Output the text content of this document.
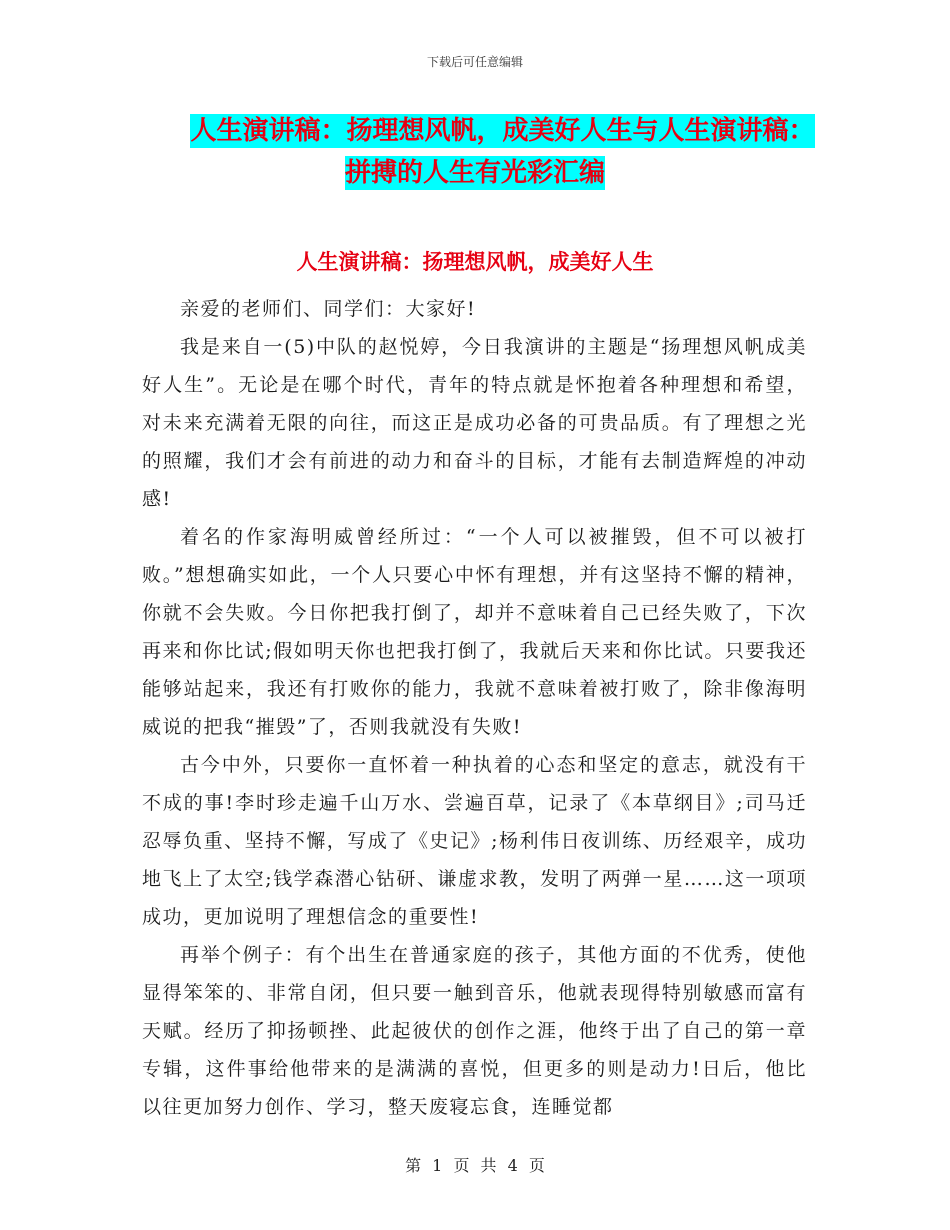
下载后可任意编辑
人生演讲稿：扬理想风帆，成美好人生与人生演讲稿：
拼搏的人生有光彩汇编
人生演讲稿：扬理想风帆，成美好人生

亲爱的老师们、同学们：大家好!

我是来自一(5)中队的赵悦婷，今日我演讲的主题是“扬理想风帆成美好人生”。无论是在哪个时代，青年的特点就是怀抱着各种理想和希望，对未来充满着无限的向往，而这正是成功必备的可贵品质。有了理想之光的照耀，我们才会有前进的动力和奋斗的目标，才能有去制造辉煌的冲动感!

着名的作家海明威曾经所过：“一个人可以被摧毁，但不可以被打败。”想想确实如此，一个人只要心中怀有理想，并有这坚持不懈的精神，你就不会失败。今日你把我打倒了，却并不意味着自己已经失败了，下次再来和你比试;假如明天你也把我打倒了，我就后天来和你比试。只要我还能够站起来，我还有打败你的能力，我就不意味着被打败了，除非像海明威说的把我“摧毁”了，否则我就没有失败!

古今中外，只要你一直怀着一种执着的心态和坚定的意志，就没有干不成的事!李时珍走遍千山万水、尝遍百草，记录了《本草纲目》;司马迁忍辱负重、坚持不懈，写成了《史记》;杨利伟日夜训练、历经艰辛，成功地飞上了太空;钱学森潜心钻研、谦虚求教，发明了两弹一星……这一项项成功，更加说明了理想信念的重要性!

再举个例子：有个出生在普通家庭的孩子，其他方面的不优秀，使他显得笨笨的、非常自闭，但只要一触到音乐，他就表现得特别敏感而富有天赋。经历了抑扬顿挫、此起彼伏的创作之涯，他终于出了自己的第一章专辑，这件事给他带来的是满满的喜悦，但更多的则是动力!日后，他比以往更加努力创作、学习，整天废寝忘食，连睡觉都

第 1 页 共 4 页
